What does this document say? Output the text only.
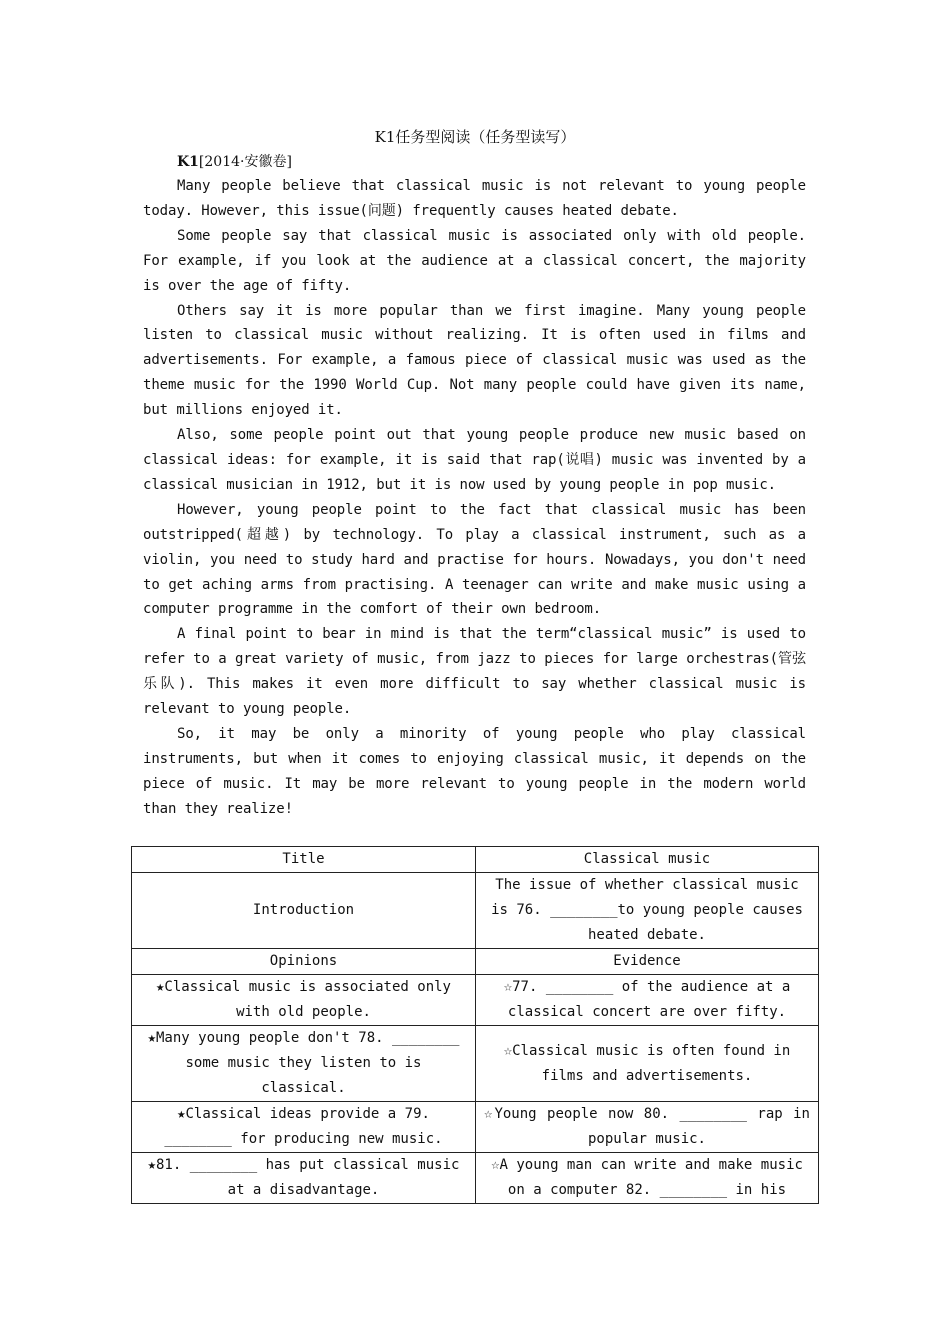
K1任务型阅读（任务型读写）
K1[2014·安徽卷]

Many people believe that classical music is not relevant to young people today. However, this issue(问题) frequently causes heated debate.

Some people say that classical music is associated only with old people. For example, if you look at the audience at a classical concert, the majority is over the age of fifty.

Others say it is more popular than we first imagine. Many young people listen to classical music without realizing. It is often used in films and advertisements. For example, a famous piece of classical music was used as the theme music for the 1990 World Cup. Not many people could have given its name, but millions enjoyed it.

Also, some people point out that young people produce new music based on classical ideas: for example, it is said that rap(说唱) music was invented by a classical musician in 1912, but it is now used by young people in pop music.

However, young people point to the fact that classical music has been outstripped(超越) by technology. To play a classical instrument, such as a violin, you need to study hard and practise for hours. Nowadays, you don't need to get aching arms from practising. A teenager can write and make music using a computer programme in the comfort of their own bedroom.

A final point to bear in mind is that the term“classical music” is used to refer to a great variety of music, from jazz to pieces for large orchestras(管弦乐队). This makes it even more difficult to say whether classical music is relevant to young people.

So, it may be only a minority of young people who play classical instruments, but when it comes to enjoying classical music, it depends on the piece of music. It may be more relevant to young people in the modern world than they realize!

Title	Classical music
Introduction	The issue of whether classical music is 76. ________to young people causes heated debate.
Opinions	Evidence
★Classical music is associated only with old people.	☆77. ________ of the audience at a classical concert are over fifty.
★Many young people don't 78. ________ some music they listen to is classical.	☆Classical music is often found in films and advertisements.
★Classical ideas provide a 79. ________ for producing new music.	☆Young people now 80. ________ rap in popular music.
★81. ________ has put classical music at a disadvantage.	☆A young man can write and make music on a computer 82. ________ in his
